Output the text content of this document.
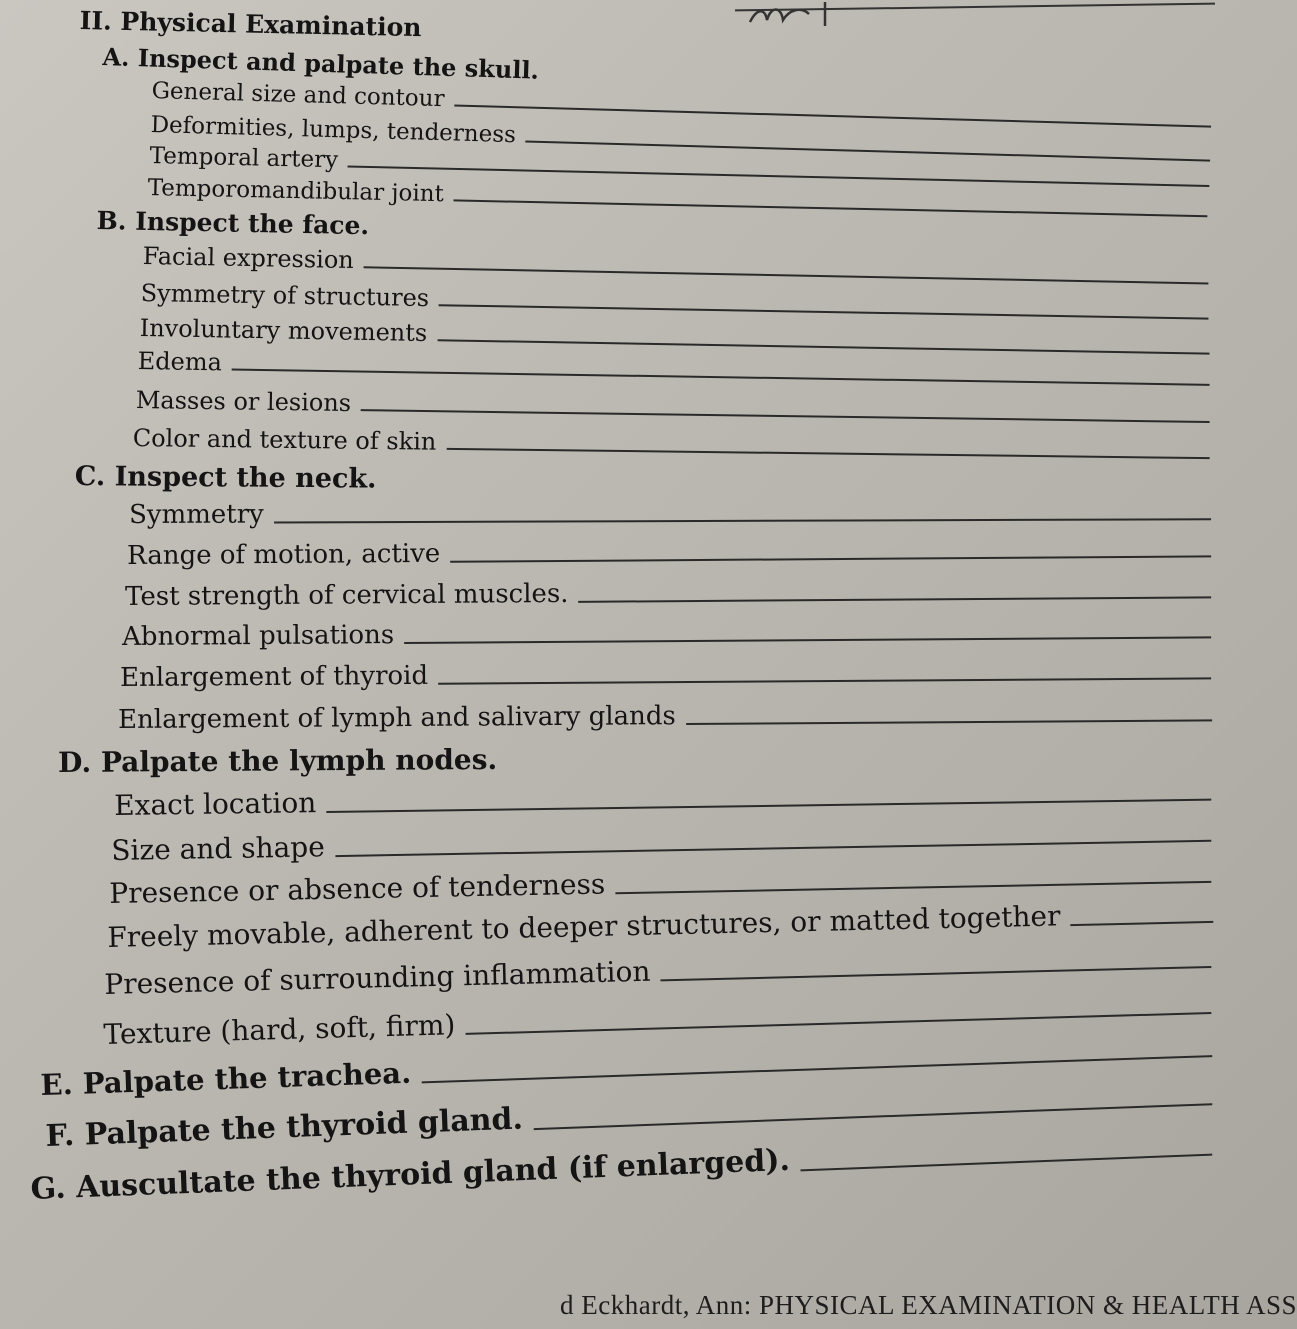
II. Physical Examination
A. Inspect and palpate the skull.
General size and contour
Deformities, lumps, tenderness
Temporal artery
Temporomandibular joint
B. Inspect the face.
Facial expression
Symmetry of structures
Involuntary movements
Edema
Masses or lesions
Color and texture of skin
C. Inspect the neck.
Symmetry
Range of motion, active
Test strength of cervical muscles.
Abnormal pulsations
Enlargement of thyroid
Enlargement of lymph and salivary glands
D. Palpate the lymph nodes.
Exact location
Size and shape
Presence or absence of tenderness
Freely movable, adherent to deeper structures, or matted together
Presence of surrounding inflammation
Texture (hard, soft, firm)
E. Palpate the trachea.
F. Palpate the thyroid gland.
G. Auscultate the thyroid gland (if enlarged).
d Eckhardt, Ann: PHYSICAL EXAMINATION & HEALTH ASS
